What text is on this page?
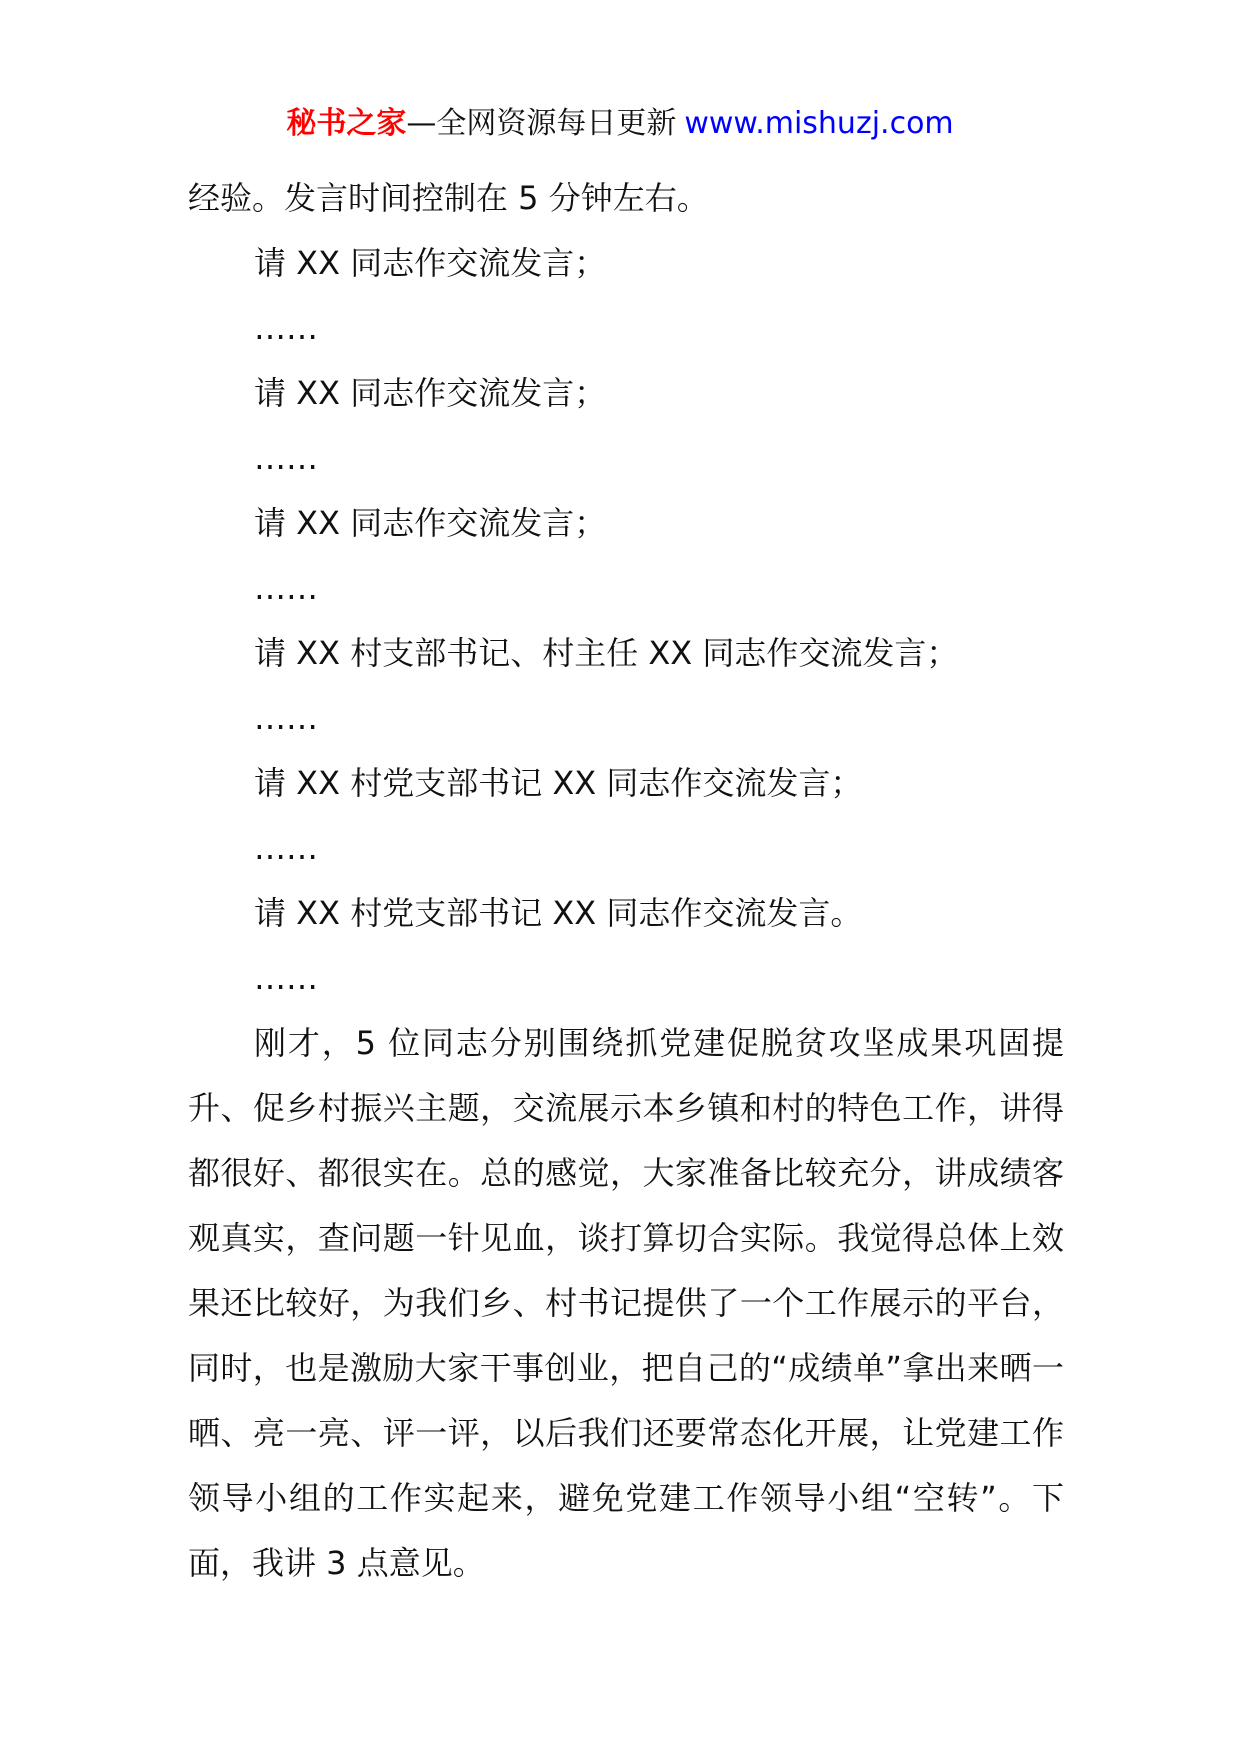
秘书之家—全网资源每日更新 www.mishuzj.com

经验。发言时间控制在 5 分钟左右。

请 XX 同志作交流发言；

……

请 XX 同志作交流发言；

……

请 XX 同志作交流发言；

……

请 XX 村支部书记、村主任 XX 同志作交流发言；

……

请 XX 村党支部书记 XX 同志作交流发言；

……

请 XX 村党支部书记 XX 同志作交流发言。

……

刚才，5 位同志分别围绕抓党建促脱贫攻坚成果巩固提升、促乡村振兴主题，交流展示本乡镇和村的特色工作，讲得都很好、都很实在。总的感觉，大家准备比较充分，讲成绩客观真实，查问题一针见血，谈打算切合实际。我觉得总体上效果还比较好，为我们乡、村书记提供了一个工作展示的平台，同时，也是激励大家干事创业，把自己的“成绩单”拿出来晒一晒、亮一亮、评一评，以后我们还要常态化开展，让党建工作领导小组的工作实起来，避免党建工作领导小组“空转”。下面，我讲 3 点意见。
